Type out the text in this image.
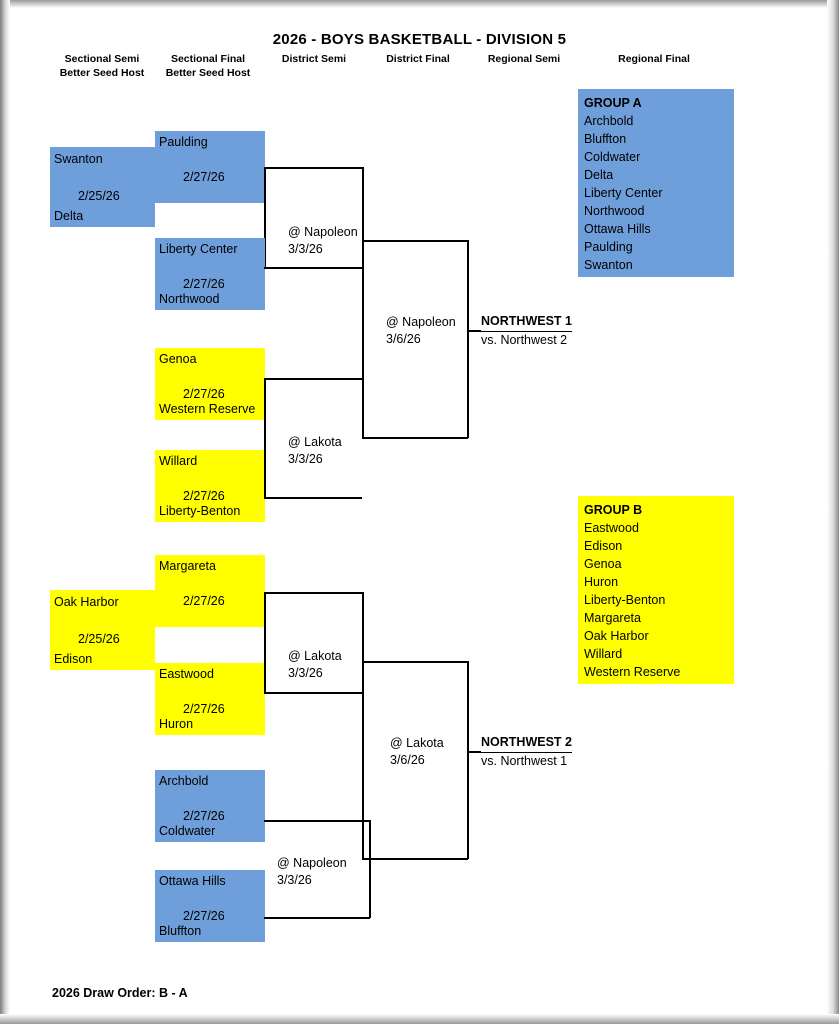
2026 - BOYS BASKETBALL - DIVISION 5
Sectional Semi
Better Seed Host
Sectional Final
Better Seed Host
District Semi	District Final	Regional Semi	Regional Final
GROUP A
Archbold
Bluffton
Coldwater
Delta
Liberty Center
Northwood
Ottawa Hills
Paulding
Swanton
GROUP B
Eastwood
Edison
Genoa
Huron
Liberty-Benton
Margareta
Oak Harbor
Willard
Western Reserve
Swanton
2/25/26
Delta
Paulding
2/27/26
Liberty Center
2/27/26
Northwood
@ Napoleon
3/3/26
Genoa
2/27/26
Western Reserve
Willard
2/27/26
Liberty-Benton
@ Lakota
3/3/26
@ Napoleon
3/6/26
NORTHWEST 1
vs. Northwest 2
Oak Harbor
2/25/26
Edison
Margareta
2/27/26
Eastwood
2/27/26
Huron
@ Lakota
3/3/26
Archbold
2/27/26
Coldwater
Ottawa Hills
2/27/26
Bluffton
@ Napoleon
3/3/26
@ Lakota
3/6/26
NORTHWEST 2
vs. Northwest 1
2026 Draw Order: B - A
